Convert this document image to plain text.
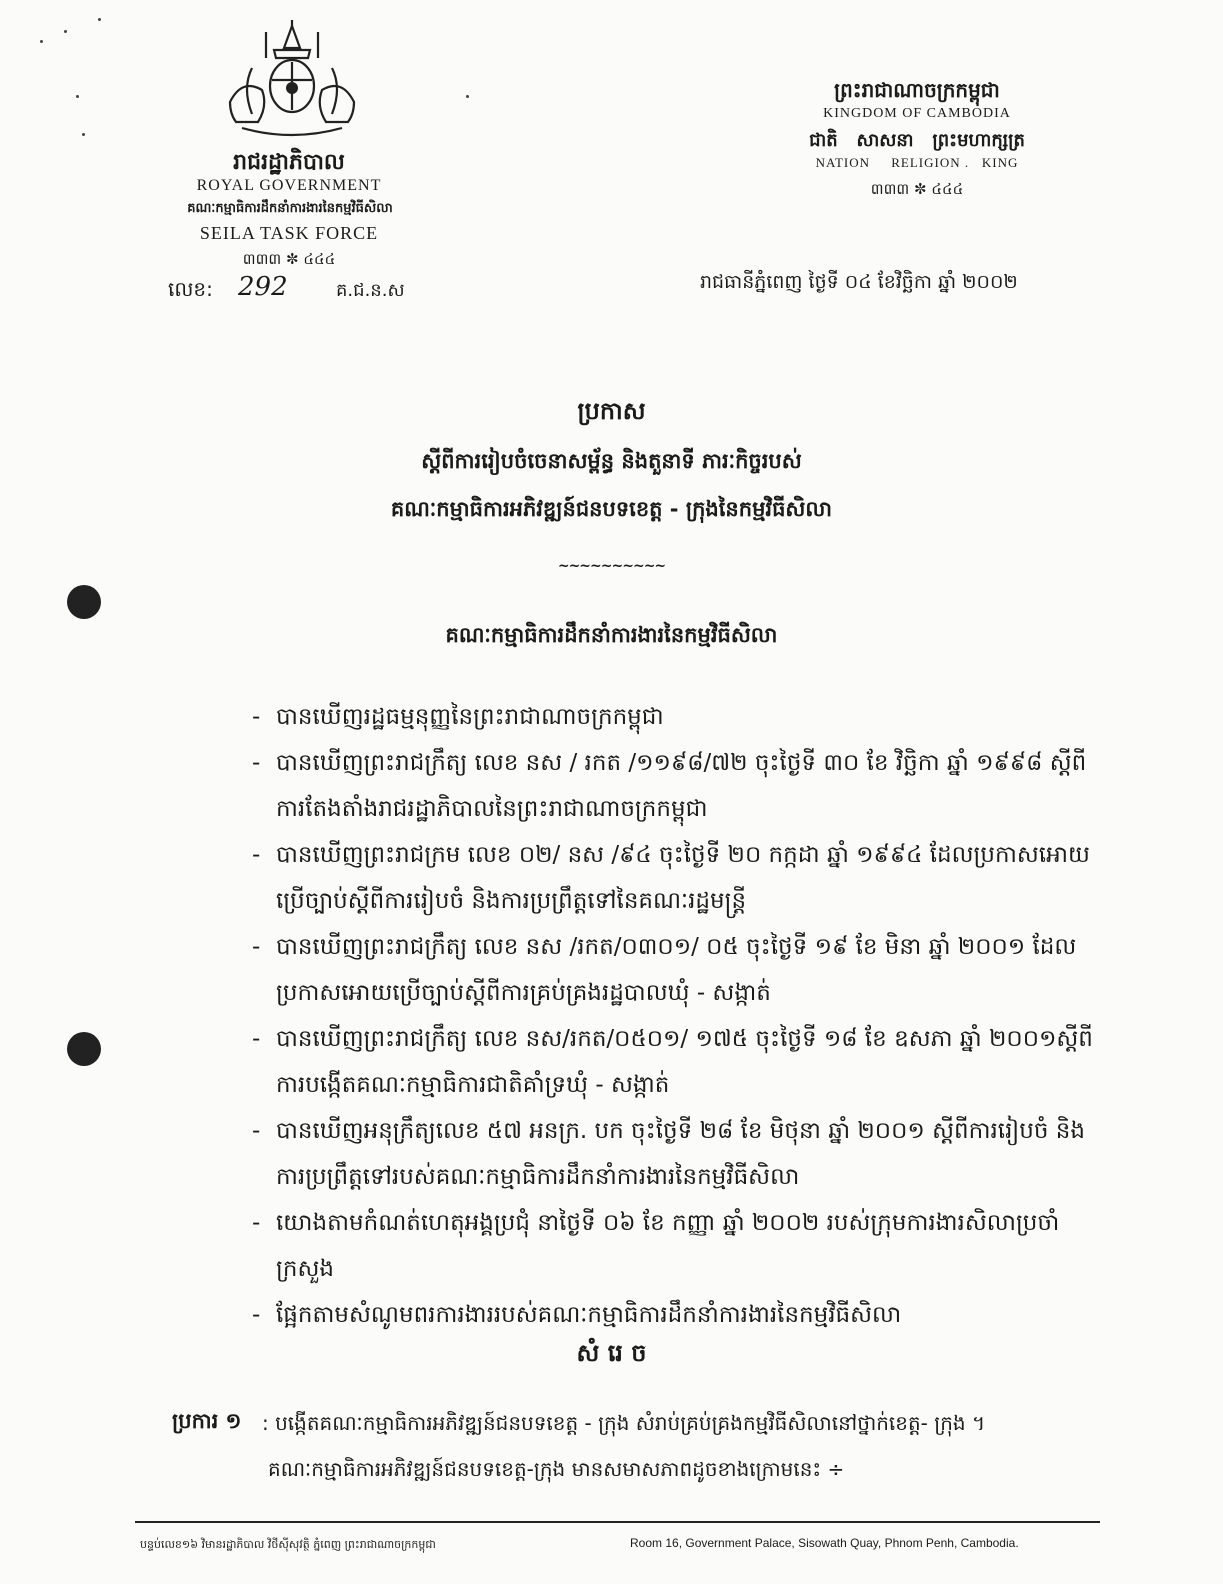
រាជរដ្ឋាភិបាល
ROYAL GOVERNMENT
គណៈកម្មាធិការដឹកនាំការងារនៃកម្មវិធីសិលា
SEILA TASK FORCE
៣៣៣ ✼ ៤៤៤
លេខ: 292	គ.ជ.ន.ស
ព្រះរាជាណាចក្រកម្ពុជា
KINGDOM OF CAMBODIA
ជាតិ   សាសនា   ព្រះមហាក្សត្រ
NATION     RELIGION .   KING
៣៣៣ ✼ ៤៤៤
រាជធានីភ្នំពេញ ថ្ងៃទី ០៤ ខែវិច្ឆិកា ឆ្នាំ ២០០២
ប្រកាស
ស្តីពីការរៀបចំចេនាសម្ព័ន្ធ និងតួនាទី ភារៈកិច្ចរបស់
គណៈកម្មាធិការអភិវឌ្ឍន៍ជនបទខេត្ត - ក្រុងនៃកម្មវិធីសិលា
~~~~~~~~~~
គណៈកម្មាធិការដឹកនាំការងារនៃកម្មវិធីសិលា
- បានឃើញរដ្ឋធម្មនុញ្ញនៃព្រះរាជាណាចក្រកម្ពុជា
- បានឃើញព្រះរាជក្រឹត្យ លេខ នស / រកត /១១៩៨/៧២ ចុះថ្ងៃទី ៣០ ខែ វិច្ឆិកា ឆ្នាំ ១៩៩៨ ស្តីពីការតែងតាំងរាជរដ្ឋាភិបាលនៃព្រះរាជាណាចក្រកម្ពុជា
- បានឃើញព្រះរាជក្រម លេខ ០២/ នស /៩៤ ចុះថ្ងៃទី ២០ កក្កដា ឆ្នាំ ១៩៩៤ ដែលប្រកាសអោយប្រើច្បាប់ស្តីពីការរៀបចំ និងការប្រព្រឹត្តទៅនៃគណៈរដ្ឋមន្ត្រី
- បានឃើញព្រះរាជក្រឹត្យ លេខ នស /រកត/០៣០១/ ០៥ ចុះថ្ងៃទី ១៩ ខែ មិនា ឆ្នាំ ២០០១ ដែលប្រកាសអោយប្រើច្បាប់ស្តីពីការគ្រប់គ្រងរដ្ឋបាលឃុំ - សង្កាត់
- បានឃើញព្រះរាជក្រឹត្យ លេខ នស/រកត/០៥០១/ ១៧៥ ចុះថ្ងៃទី ១៨ ខែ ឧសភា ឆ្នាំ ២០០១ស្តីពីការបង្កើតគណៈកម្មាធិការជាតិគាំទ្រឃុំ - សង្កាត់
- បានឃើញអនុក្រឹត្យលេខ ៥៧ អនក្រ. បក ចុះថ្ងៃទី ២៨ ខែ មិថុនា ឆ្នាំ ២០០១ ស្តីពីការរៀបចំ និងការប្រព្រឹត្តទៅរបស់គណៈកម្មាធិការដឹកនាំការងារនៃកម្មវិធីសិលា
- យោងតាមកំណត់ហេតុអង្គប្រជុំ នាថ្ងៃទី ០៦ ខែ កញ្ញា ឆ្នាំ ២០០២ របស់ក្រុមការងារសិលាប្រចាំក្រសួង
- ផ្អែកតាមសំណូមពរការងាររបស់គណៈកម្មាធិការដឹកនាំការងារនៃកម្មវិធីសិលា
សំ រេ ច
ប្រការ ១ : បង្កើតគណៈកម្មាធិការអភិវឌ្ឍន៍ជនបទខេត្ត - ក្រុង សំរាប់គ្រប់គ្រងកម្មវិធីសិលានៅថ្នាក់ខេត្ត- ក្រុង ។
គណៈកម្មាធិការអភិវឌ្ឍន៍ជនបទខេត្ត-ក្រុង មានសមាសភាពដូចខាងក្រោមនេះ ÷
បន្ទប់លេខ១៦ វិមានរដ្ឋាភិបាល វិថីស៊ីសុវត្ថិ ភ្នំពេញ ព្រះរាជាណាចក្រកម្ពុជា	Room 16, Government Palace, Sisowath Quay, Phnom Penh, Cambodia.
